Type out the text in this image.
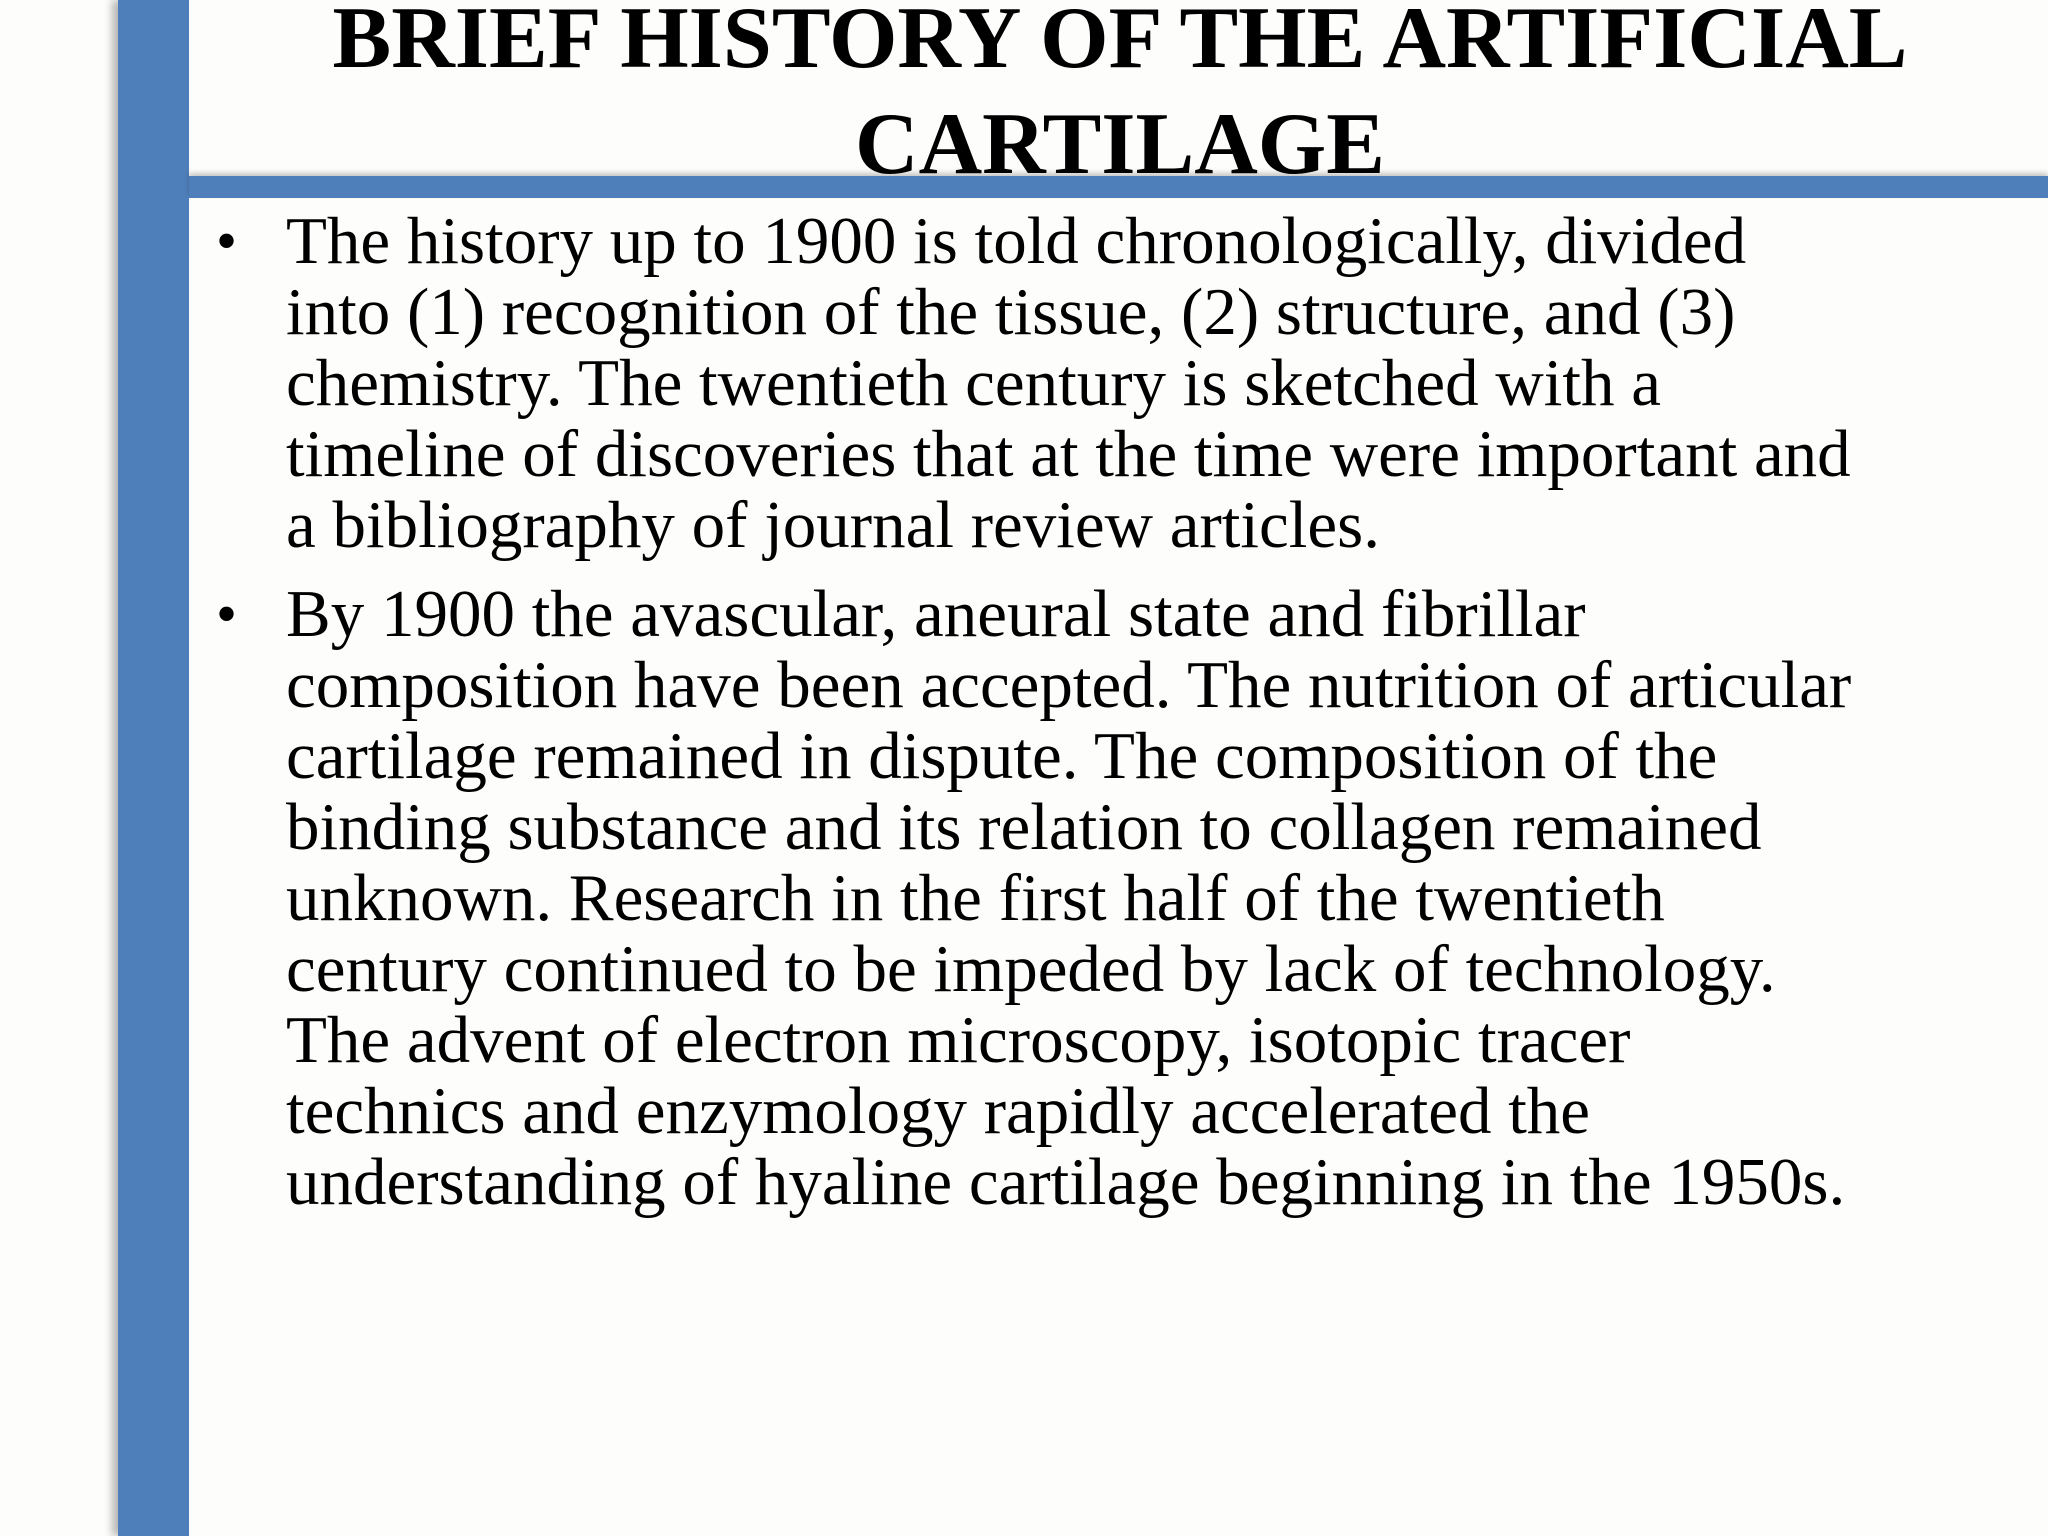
BRIEF HISTORY OF THE ARTIFICIAL
CARTILAGE
• The history up to 1900 is told chronologically, divided
into (1) recognition of the tissue, (2) structure, and (3)
chemistry. The twentieth century is sketched with a
timeline of discoveries that at the time were important and
a bibliography of journal review articles.
• By 1900 the avascular, aneural state and fibrillar
composition have been accepted. The nutrition of articular
cartilage remained in dispute. The composition of the
binding substance and its relation to collagen remained
unknown. Research in the first half of the twentieth
century continued to be impeded by lack of technology.
The advent of electron microscopy, isotopic tracer
technics and enzymology rapidly accelerated the
understanding of hyaline cartilage beginning in the 1950s.
